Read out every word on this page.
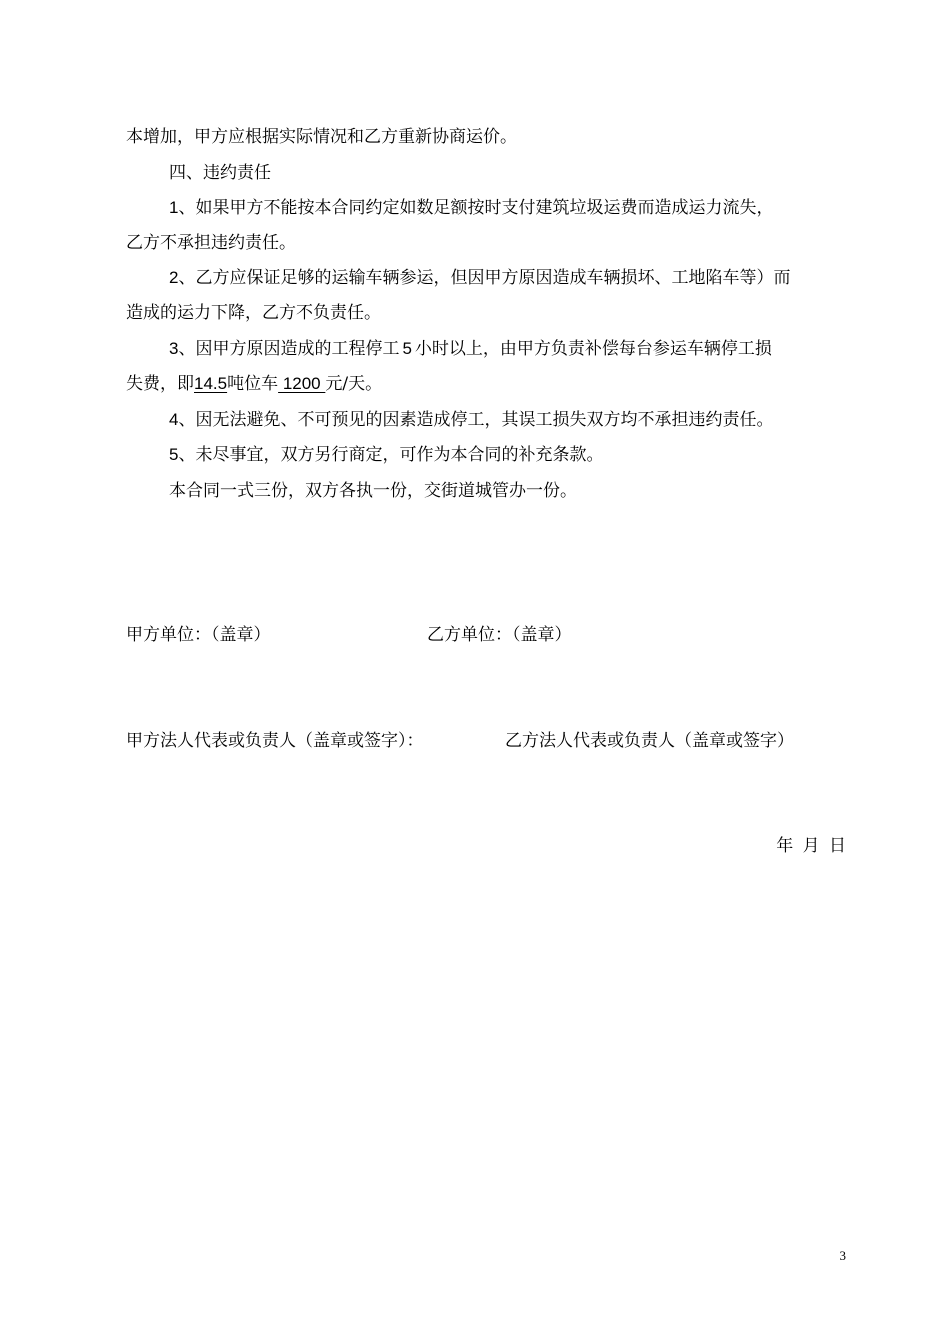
本增加，甲方应根据实际情况和乙方重新协商运价。
四、违约责任
1、如果甲方不能按本合同约定如数足额按时支付建筑垃圾运费而造成运力流失，
乙方不承担违约责任。
2、乙方应保证足够的运输车辆参运，但因甲方原因造成车辆损坏、工地陷车等）而
造成的运力下降，乙方不负责任。
3、因甲方原因造成的工程停工 5 小时以上，由甲方负责补偿每台参运车辆停工损
失费，即14.5吨位车 1200 元/天。
4、因无法避免、不可预见的因素造成停工，其误工损失双方均不承担违约责任。
5、未尽事宜，双方另行商定，可作为本合同的补充条款。
本合同一式三份，双方各执一份，交街道城管办一份。
甲方单位：（盖章）	乙方单位：（盖章）
甲方法人代表或负责人（盖章或签字）：	乙方法人代表或负责人（盖章或签字）
年 月 日
3
